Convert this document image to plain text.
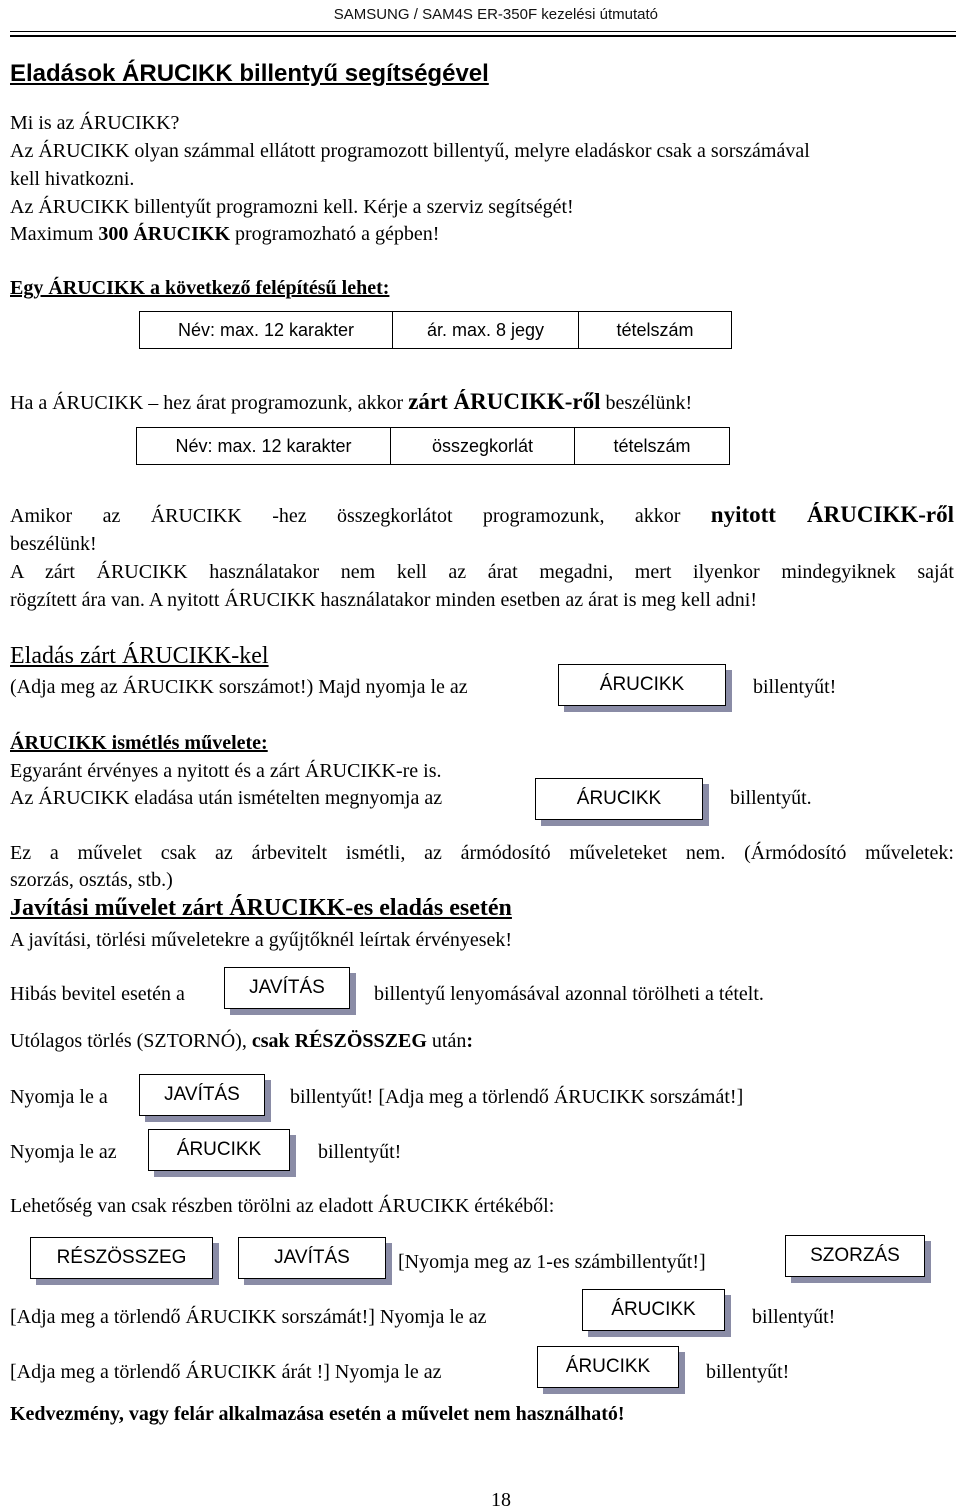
SAMSUNG / SAM4S ER-350F kezelési útmutató
Eladások ÁRUCIKK billentyű segítségével
Mi is az ÁRUCIKK?
Az ÁRUCIKK olyan számmal ellátott programozott billentyű, melyre eladáskor csak a sorszámával
kell hivatkozni.
Az ÁRUCIKK billentyűt programozni kell. Kérje a szerviz segítségét!
Maximum 300 ÁRUCIKK programozható a gépben!
Egy ÁRUCIKK a következő felépítésű lehet:
Név: max. 12 karakter	ár. max. 8 jegy	tételszám
Ha a ÁRUCIKK – hez árat programozunk, akkor zárt ÁRUCIKK-ről beszélünk!
Név: max. 12 karakter	összegkorlát	tételszám
Amikor az ÁRUCIKK -hez összegkorlátot programozunk, akkor nyitott ÁRUCIKK-ről
beszélünk!
A zárt ÁRUCIKK használatakor nem kell az árat megadni, mert ilyenkor mindegyiknek saját
rögzített ára van. A nyitott ÁRUCIKK használatakor minden esetben az árat is meg kell adni!
Eladás zárt ÁRUCIKK-kel
(Adja meg az ÁRUCIKK sorszámot!) Majd nyomja le az	ÁRUCIKK	billentyűt!
ÁRUCIKK ismétlés művelete:
Egyaránt érvényes a nyitott és a zárt ÁRUCIKK-re is.
Az ÁRUCIKK eladása után ismételten megnyomja az	ÁRUCIKK	billentyűt.
Ez a művelet csak az árbevitelt ismétli, az ármódosító műveleteket nem. (Ármódosító műveletek:
szorzás, osztás, stb.)
Javítási művelet zárt ÁRUCIKK-es eladás esetén
A javítási, törlési műveletekre a gyűjtőknél leírtak érvényesek!
Hibás bevitel esetén a	JAVÍTÁS	billentyű lenyomásával azonnal törölheti a tételt.
Utólagos törlés (SZTORNÓ), csak RÉSZÖSSZEG után:
Nyomja le a	JAVÍTÁS	billentyűt! [Adja meg a törlendő ÁRUCIKK sorszámát!]
Nyomja le az	ÁRUCIKK	billentyűt!
Lehetőség van csak részben törölni az eladott ÁRUCIKK értékéből:
RÉSZÖSSZEG	JAVÍTÁS	[Nyomja meg az 1-es számbillentyűt!]	SZORZÁS
[Adja meg a törlendő ÁRUCIKK sorszámát!] Nyomja le az	ÁRUCIKK	billentyűt!
[Adja meg a törlendő ÁRUCIKK árát !] Nyomja le az	ÁRUCIKK	billentyűt!
Kedvezmény, vagy felár alkalmazása esetén a művelet nem használható!
18
